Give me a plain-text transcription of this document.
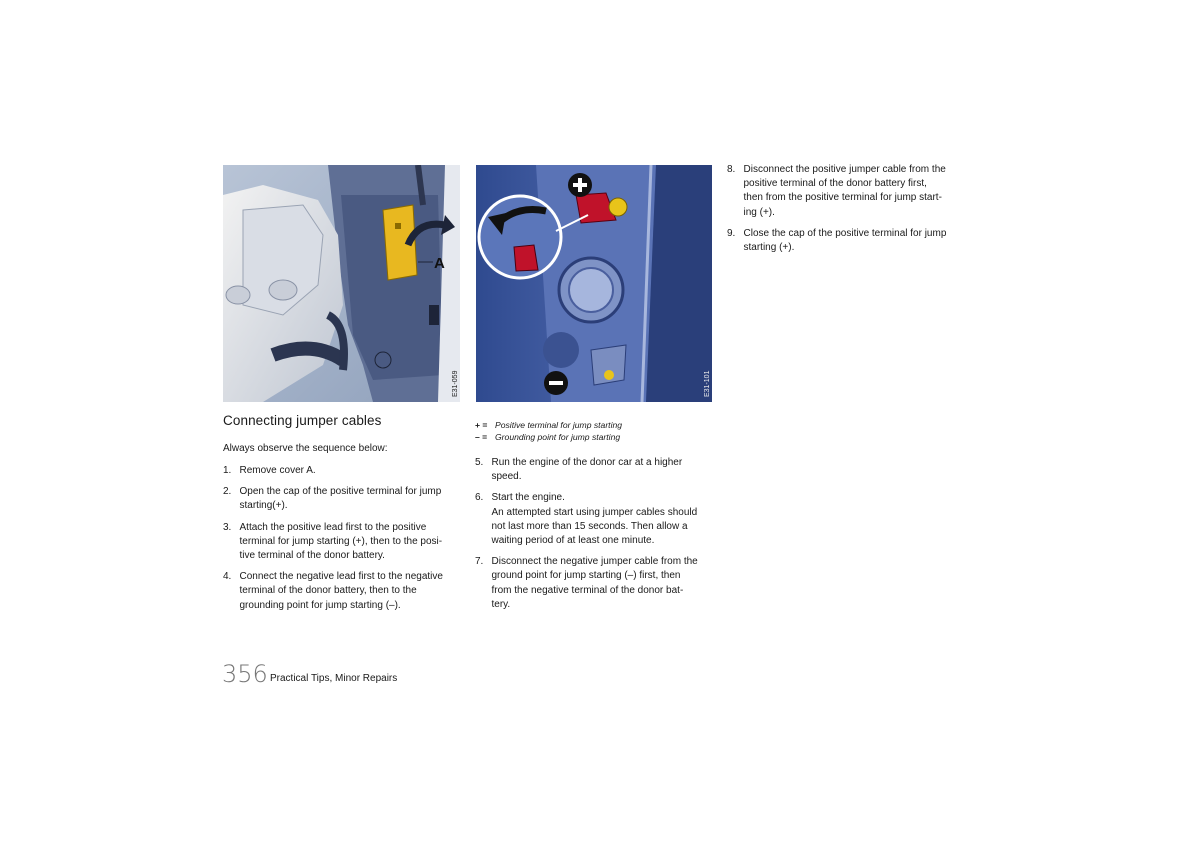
A
E31-059	E31-101
Connecting jumper cables

Always observe the sequence below:

1. Remove cover A.
2. Open the cap of the positive terminal for jump
starting(+).
3. Attach the positive lead first to the positive
terminal for jump starting (+), then to the posi-
tive terminal of the donor battery.
4. Connect the negative lead first to the negative
terminal of the donor battery, then to the
grounding point for jump starting (–).
+ = Positive terminal for jump starting
– = Grounding point for jump starting
5. Run the engine of the donor car at a higher
speed.
6. Start the engine.
An attempted start using jumper cables should
not last more than 15 seconds. Then allow a
waiting period of at least one minute.
7. Disconnect the negative jumper cable from the
ground point for jump starting (–) first, then
from the negative terminal of the donor bat-
tery.
8. Disconnect the positive jumper cable from the
positive terminal of the donor battery first,
then from the positive terminal for jump start-
ing (+).
9. Close the cap of the positive terminal for jump
starting (+).
356 Practical Tips, Minor Repairs
